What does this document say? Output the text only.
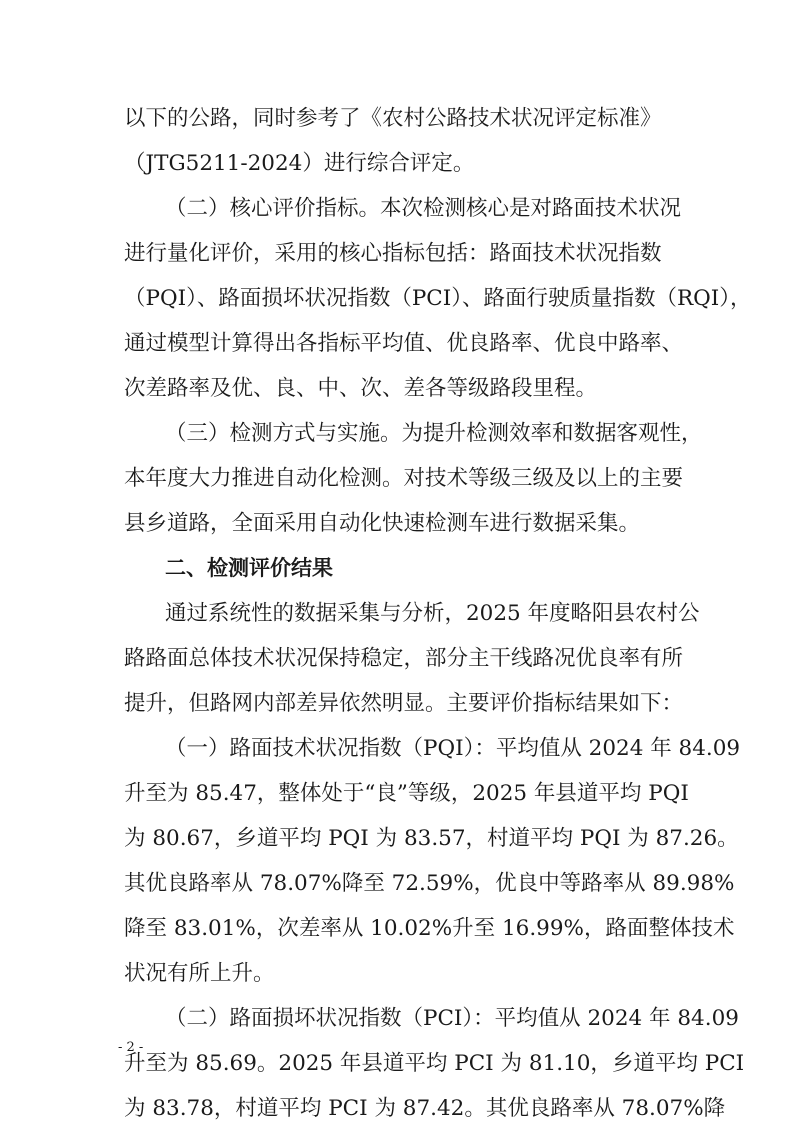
以下的公路，同时参考了《农村公路技术状况评定标准》
（JTG5211-2024）进行综合评定。
（二）核心评价指标。本次检测核心是对路面技术状况
进行量化评价，采用的核心指标包括：路面技术状况指数
（PQI）、路面损坏状况指数（PCI）、路面行驶质量指数（RQI），
通过模型计算得出各指标平均值、优良路率、优良中路率、
次差路率及优、良、中、次、差各等级路段里程。
（三）检测方式与实施。为提升检测效率和数据客观性，
本年度大力推进自动化检测。对技术等级三级及以上的主要
县乡道路，全面采用自动化快速检测车进行数据采集。
二、检测评价结果
通过系统性的数据采集与分析，2025 年度略阳县农村公
路路面总体技术状况保持稳定，部分主干线路况优良率有所
提升，但路网内部差异依然明显。主要评价指标结果如下：
（一）路面技术状况指数（PQI）：平均值从 2024 年 84.09
升至为 85.47，整体处于“良”等级，2025 年县道平均 PQI
为 80.67，乡道平均 PQI 为 83.57，村道平均 PQI 为 87.26。
其优良路率从 78.07%降至 72.59%，优良中等路率从 89.98%
降至 83.01%，次差率从 10.02%升至 16.99%，路面整体技术
状况有所上升。
（二）路面损坏状况指数（PCI）：平均值从 2024 年 84.09
升至为 85.69。2025 年县道平均 PCI 为 81.10，乡道平均 PCI
为 83.78，村道平均 PCI 为 87.42。其优良路率从 78.07%降
- 2 -
